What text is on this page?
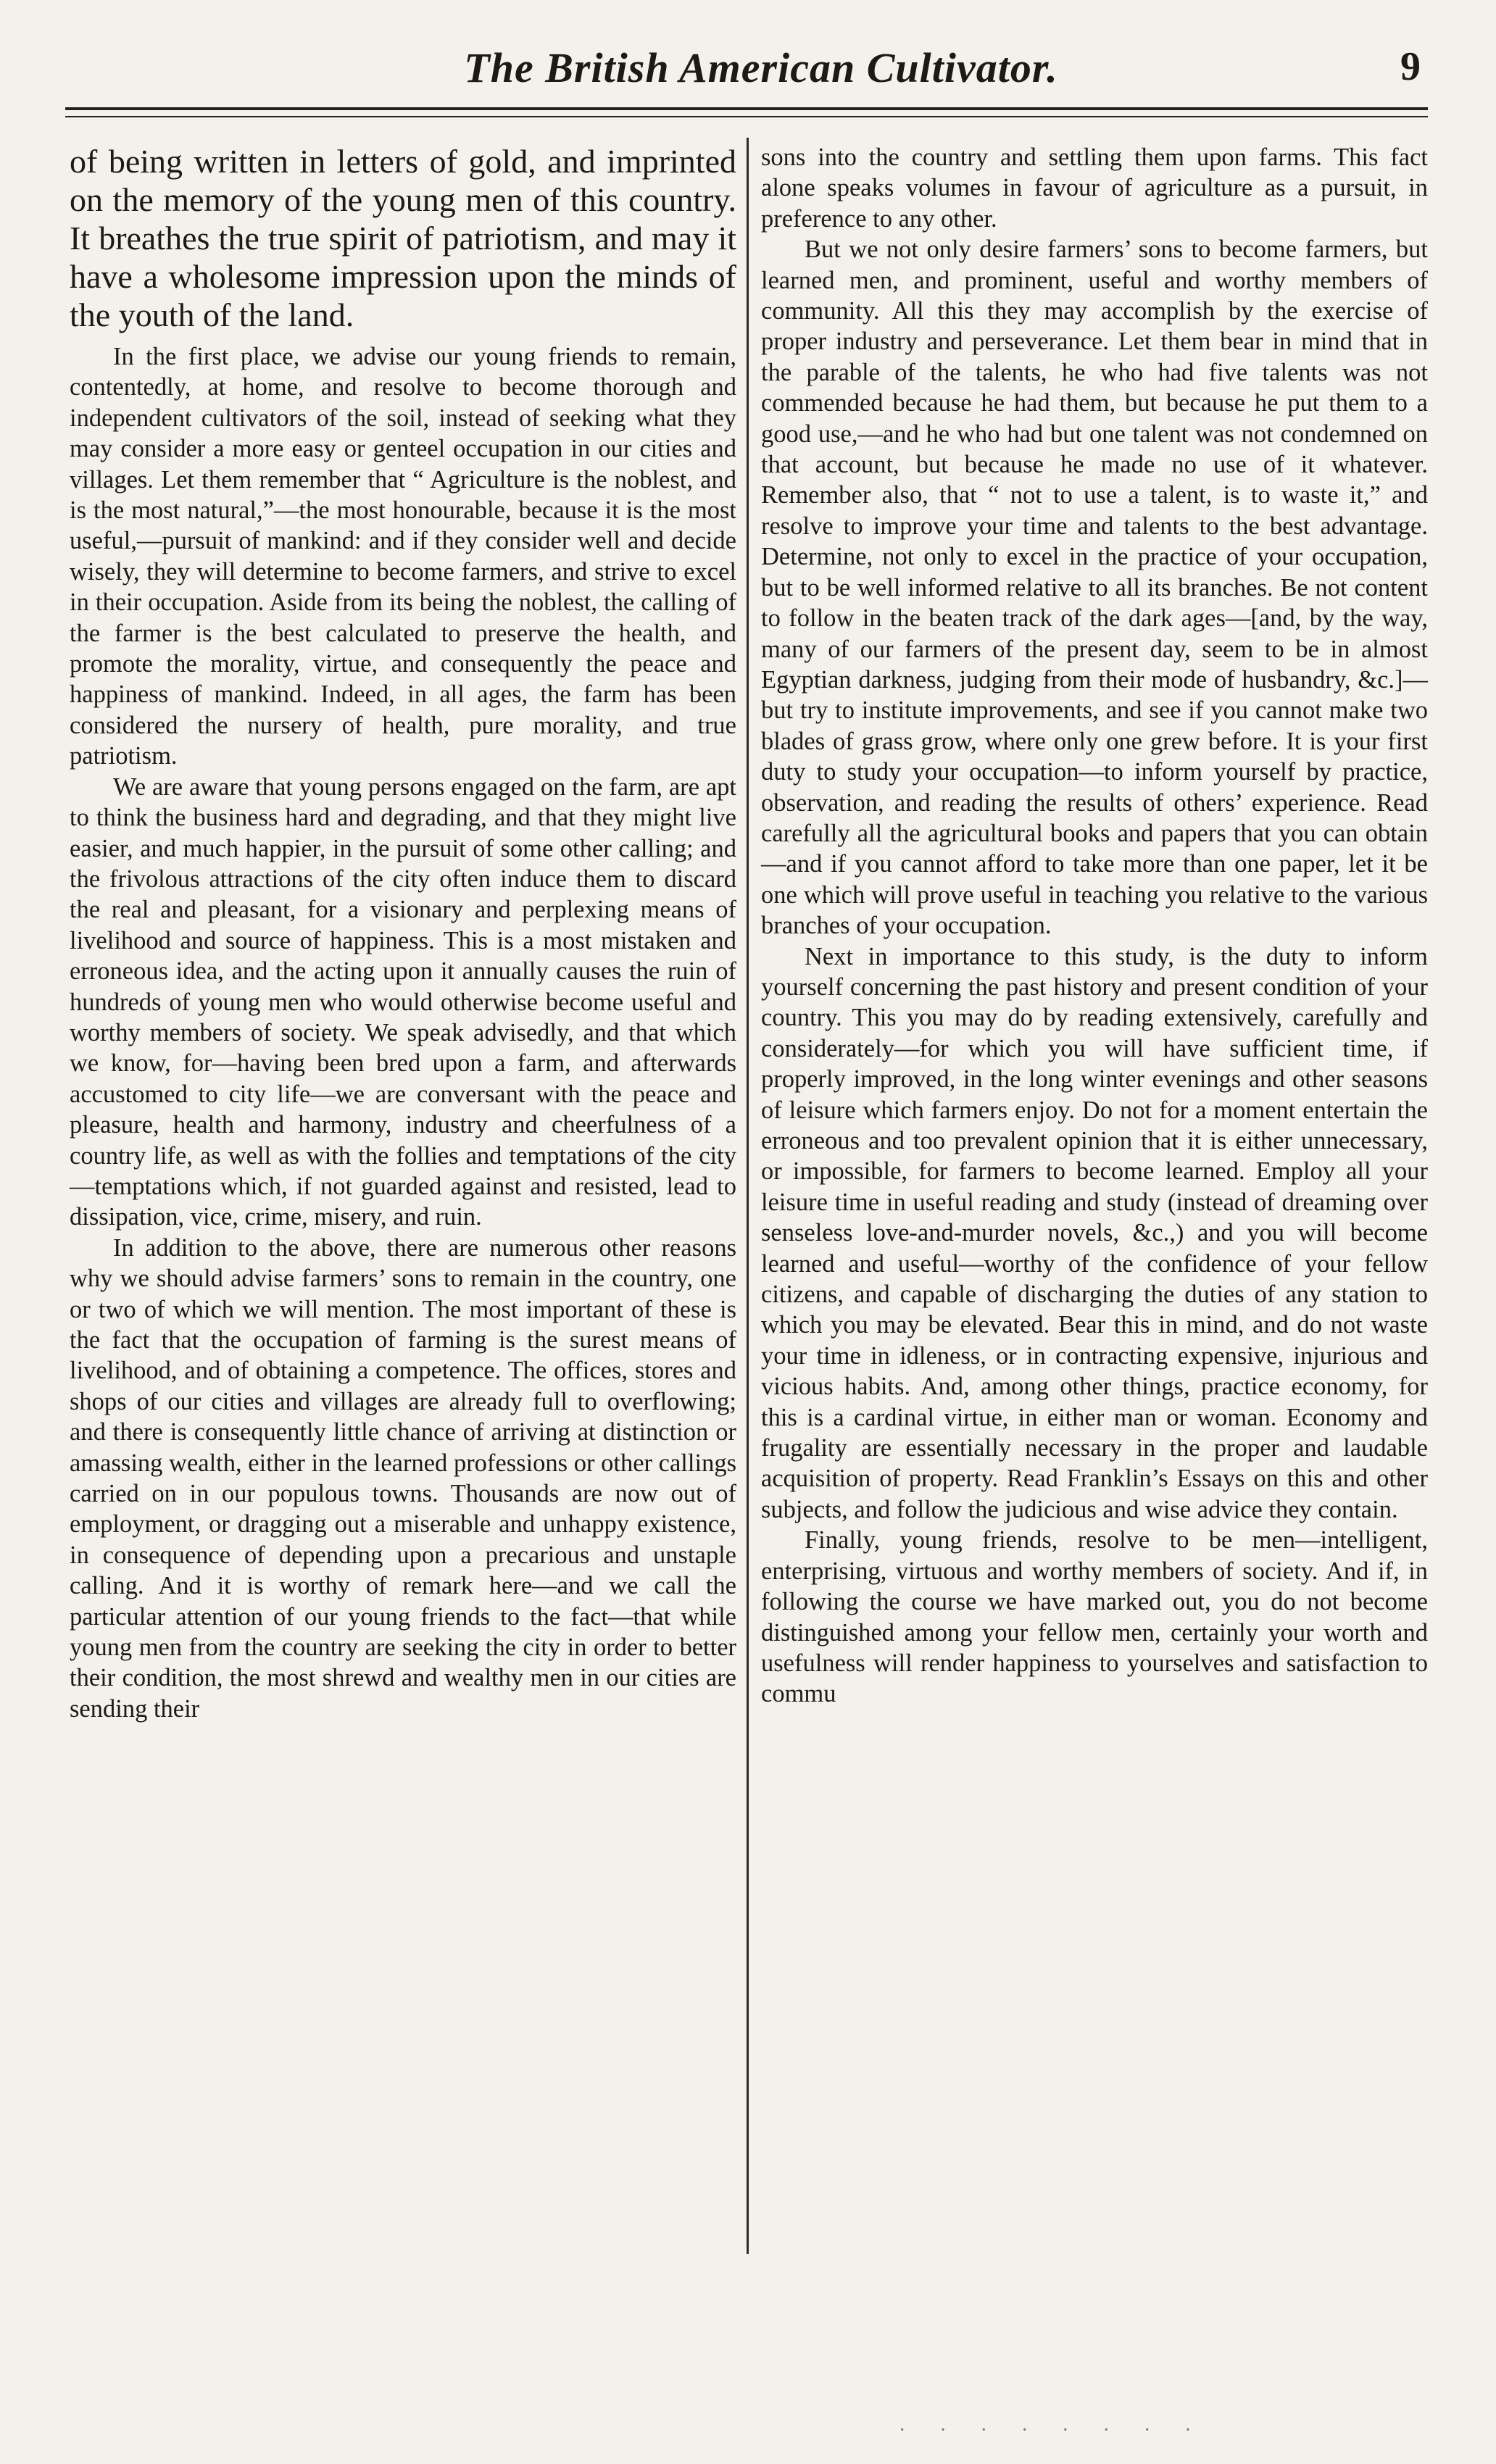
The British American Cultivator.	9

of being written in letters of gold, and imprinted on the memory of the young men of this country. It breathes the true spirit of patriotism, and may it have a wholesome impression upon the minds of the youth of the land.

In the first place, we advise our young friends to remain, contentedly, at home, and resolve to become thorough and independent cultivators of the soil, instead of seeking what they may consider a more easy or genteel occupation in our cities and villages. Let them remember that “ Agriculture is the noblest, and is the most natural,”—the most honourable, because it is the most useful,—pursuit of mankind: and if they consider well and decide wisely, they will determine to become farmers, and strive to excel in their occupation. Aside from its being the noblest, the calling of the farmer is the best calculated to preserve the health, and promote the morality, virtue, and consequently the peace and happiness of mankind. Indeed, in all ages, the farm has been considered the nursery of health, pure morality, and true patriotism.

We are aware that young persons engaged on the farm, are apt to think the business hard and degrading, and that they might live easier, and much happier, in the pursuit of some other calling; and the frivolous attractions of the city often induce them to discard the real and pleasant, for a visionary and perplexing means of livelihood and source of happiness. This is a most mistaken and erroneous idea, and the acting upon it annually causes the ruin of hundreds of young men who would otherwise become useful and worthy members of society. We speak advisedly, and that which we know, for—having been bred upon a farm, and afterwards accustomed to city life—we are conversant with the peace and pleasure, health and harmony, industry and cheerfulness of a country life, as well as with the follies and temptations of the city—temptations which, if not guarded against and resisted, lead to dissipation, vice, crime, misery, and ruin.

In addition to the above, there are numerous other reasons why we should advise farmers’ sons to remain in the country, one or two of which we will mention. The most important of these is the fact that the occupation of farming is the surest means of livelihood, and of obtaining a competence. The offices, stores and shops of our cities and villages are already full to overflowing; and there is consequently little chance of arriving at distinction or amassing wealth, either in the learned professions or other callings carried on in our populous towns. Thousands are now out of employment, or dragging out a miserable and unhappy existence, in consequence of depending upon a precarious and unstaple calling. And it is worthy of remark here—and we call the particular attention of our young friends to the fact—that while young men from the country are seeking the city in order to better their condition, the most shrewd and wealthy men in our cities are sending their

sons into the country and settling them upon farms. This fact alone speaks volumes in favour of agriculture as a pursuit, in preference to any other.

But we not only desire farmers’ sons to become farmers, but learned men, and prominent, useful and worthy members of community. All this they may accomplish by the exercise of proper industry and perseverance. Let them bear in mind that in the parable of the talents, he who had five talents was not commended because he had them, but because he put them to a good use,—and he who had but one talent was not condemned on that account, but because he made no use of it whatever. Remember also, that “ not to use a talent, is to waste it,” and resolve to improve your time and talents to the best advantage. Determine, not only to excel in the practice of your occupation, but to be well informed relative to all its branches. Be not content to follow in the beaten track of the dark ages—[and, by the way, many of our farmers of the present day, seem to be in almost Egyptian darkness, judging from their mode of husbandry, &c.]—but try to institute improvements, and see if you cannot make two blades of grass grow, where only one grew before. It is your first duty to study your occupation—to inform yourself by practice, observation, and reading the results of others’ experience. Read carefully all the agricultural books and papers that you can obtain—and if you cannot afford to take more than one paper, let it be one which will prove useful in teaching you relative to the various branches of your occupation.

Next in importance to this study, is the duty to inform yourself concerning the past history and present condition of your country. This you may do by reading extensively, carefully and considerately—for which you will have sufficient time, if properly improved, in the long winter evenings and other seasons of leisure which farmers enjoy. Do not for a moment entertain the erroneous and too prevalent opinion that it is either unnecessary, or impossible, for farmers to become learned. Employ all your leisure time in useful reading and study (instead of dreaming over senseless love-and-murder novels, &c.,) and you will become learned and useful—worthy of the confidence of your fellow citizens, and capable of discharging the duties of any station to which you may be elevated. Bear this in mind, and do not waste your time in idleness, or in contracting expensive, injurious and vicious habits. And, among other things, practice economy, for this is a cardinal virtue, in either man or woman. Economy and frugality are essentially necessary in the proper and laudable acquisition of property. Read Franklin’s Essays on this and other subjects, and follow the judicious and wise advice they contain.

Finally, young friends, resolve to be men—intelligent, enterprising, virtuous and worthy members of society. And if, in following the course we have marked out, you do not become distinguished among your fellow men, certainly your worth and usefulness will render happiness to yourselves and satisfaction to commu

· · · · · · · ·
